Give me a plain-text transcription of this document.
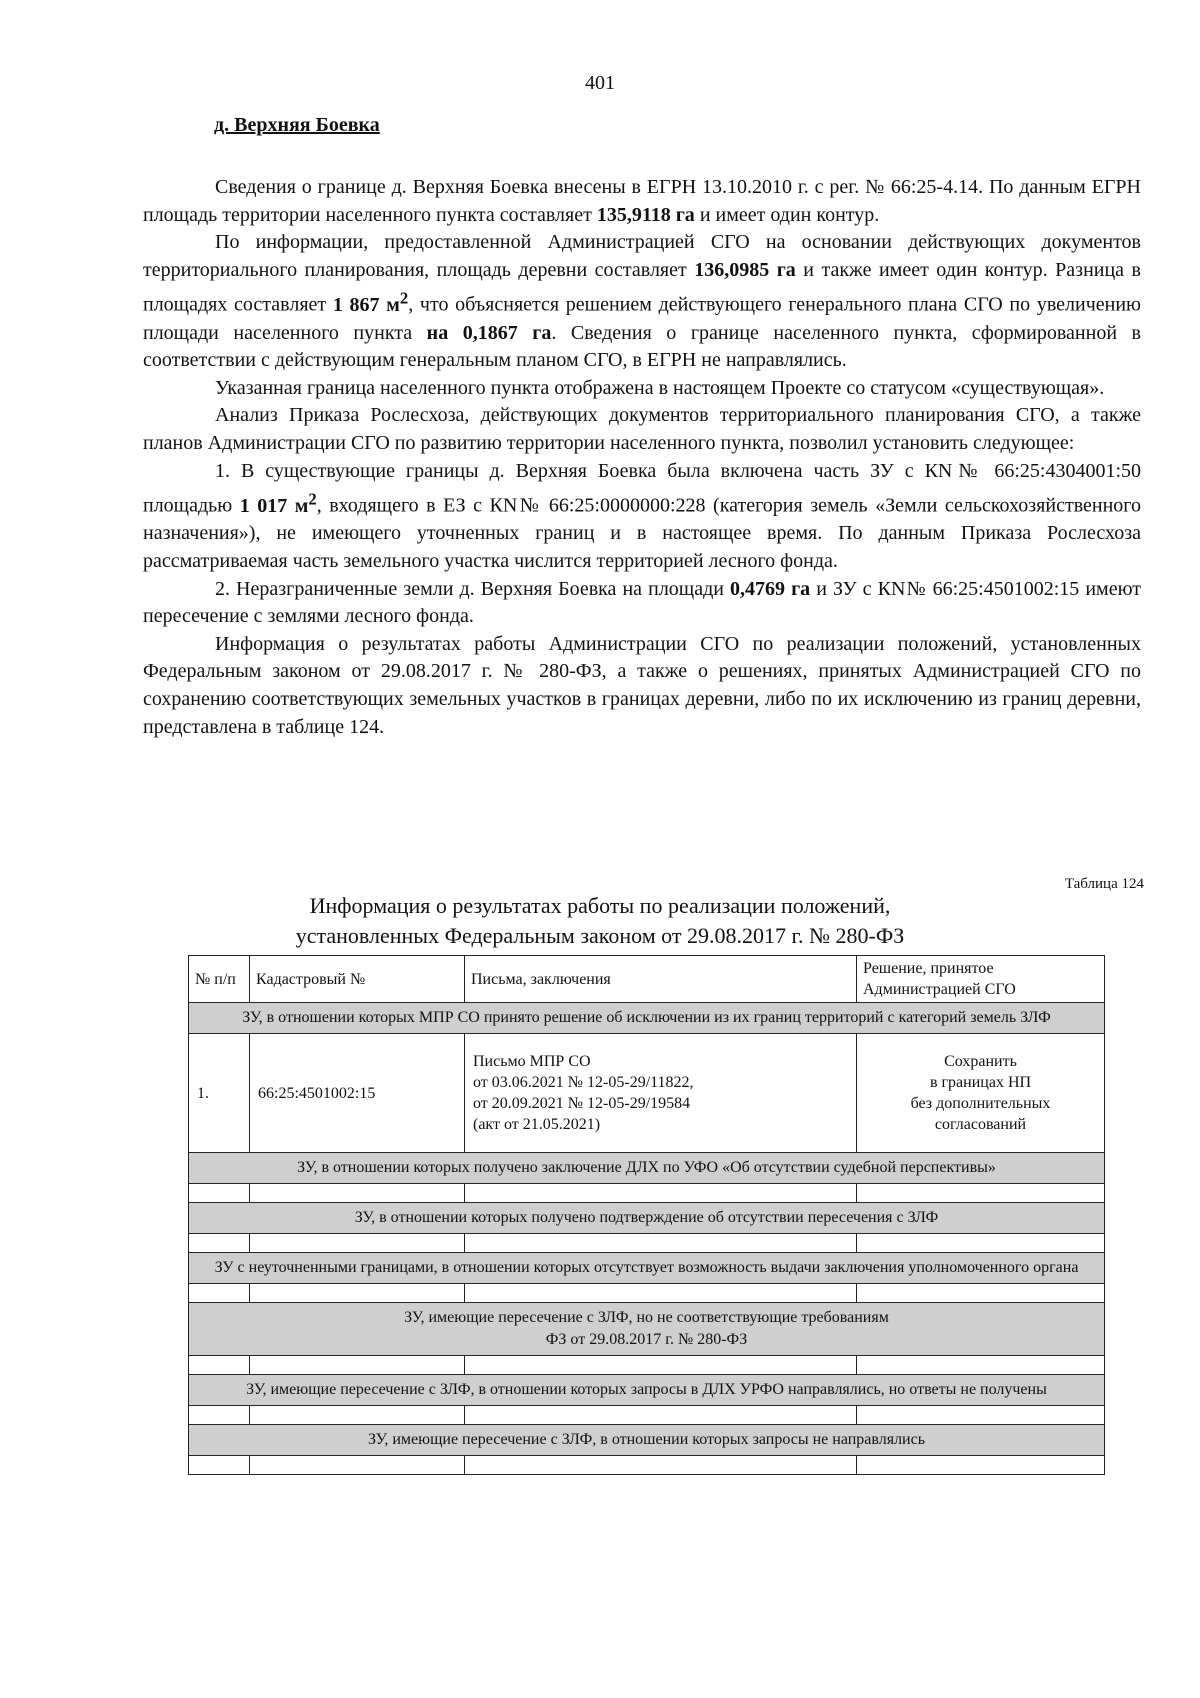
401
д. Верхняя Боевка

Сведения о границе д. Верхняя Боевка внесены в ЕГРН 13.10.2010 г. с рег. № 66:25-4.14. По данным ЕГРН площадь территории населенного пункта составляет 135,9118 га и имеет один контур.

По информации, предоставленной Администрацией СГО на основании действующих документов территориального планирования, площадь деревни составляет 136,0985 га и также имеет один контур. Разница в площадях составляет 1 867 $м^2$, что объясняется решением действующего генерального плана СГО по увеличению площади населенного пункта на 0,1867 га. Сведения о границе населенного пункта, сформированной в соответствии с действующим генеральным планом СГО, в ЕГРН не направлялись.

Указанная граница населенного пункта отображена в настоящем Проекте со статусом «существующая».

Анализ Приказа Рослесхоза, действующих документов территориального планирования СГО, а также планов Администрации СГО по развитию территории населенного пункта, позволил установить следующее:

1. В существующие границы д. Верхняя Боевка была включена часть ЗУ с КN№ 66:25:4304001:50 площадью 1 017 $м^2$, входящего в ЕЗ с КN№ 66:25:0000000:228 (категория земель «Земли сельскохозяйственного назначения»), не имеющего уточненных границ и в настоящее время. По данным Приказа Рослесхоза рассматриваемая часть земельного участка числится территорией лесного фонда.

2. Неразграниченные земли д. Верхняя Боевка на площади 0,4769 га и ЗУ с КN№ 66:25:4501002:15 имеют пересечение с землями лесного фонда.

Информация о результатах работы Администрации СГО по реализации положений, установленных Федеральным законом от 29.08.2017 г. № 280-ФЗ, а также о решениях, принятых Администрацией СГО по сохранению соответствующих земельных участков в границах деревни, либо по их исключению из границ деревни, представлена в таблице 124.

Таблица 124
Информация о результатах работы по реализации положений,
установленных Федеральным законом от 29.08.2017 г. № 280-ФЗ
№ п/п	Кадастровый №	Письма, заключения	Решение, принятое Администрацией СГО
ЗУ, в отношении которых МПР СО принято решение об исключении из их границ территорий с категорий земель ЗЛФ			
1.	66:25:4501002:15	Письмо МПР СО
от 03.06.2021 № 12-05-29/11822,
от 20.09.2021 № 12-05-29/19584
(акт от 21.05.2021)	Сохранить
в границах НП
без дополнительных
согласований

ЗУ, в отношении которых получено заключение ДЛХ по УФО «Об отсутствии судебной перспективы»			

ЗУ, в отношении которых получено подтверждение об отсутствии пересечения с ЗЛФ			

ЗУ с неуточненными границами, в отношении которых отсутствует возможность выдачи заключения уполномоченного органа			

ЗУ, имеющие пересечение с ЗЛФ, но не соответствующие требованиям
ФЗ от 29.08.2017 г. № 280-ФЗ			

ЗУ, имеющие пересечение с ЗЛФ, в отношении которых запросы в ДЛХ УРФО направлялись, но ответы не получены			

ЗУ, имеющие пересечение с ЗЛФ, в отношении которых запросы не направлялись			
